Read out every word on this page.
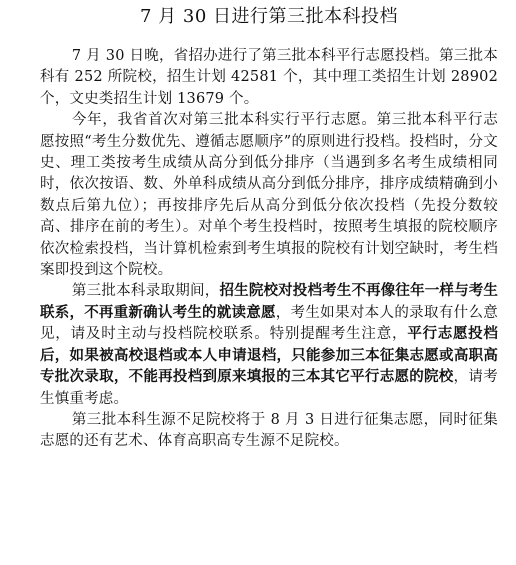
7 月 30 日进行第三批本科投档

7 月 30 日晚，省招办进行了第三批本科平行志愿投档。第三批本科有 252 所院校，招生计划 42581 个，其中理工类招生计划 28902 个，文史类招生计划 13679 个。

今年，我省首次对第三批本科实行平行志愿。第三批本科平行志愿按照“考生分数优先、遵循志愿顺序”的原则进行投档。投档时，分文史、理工类按考生成绩从高分到低分排序（当遇到多名考生成绩相同时，依次按语、数、外单科成绩从高分到低分排序，排序成绩精确到小数点后第九位）；再按排序先后从高分到低分依次投档（先投分数较高、排序在前的考生）。对单个考生投档时，按照考生填报的院校顺序依次检索投档，当计算机检索到考生填报的院校有计划空缺时，考生档案即投到这个院校。

第三批本科录取期间，招生院校对投档考生不再像往年一样与考生联系，不再重新确认考生的就读意愿，考生如果对本人的录取有什么意见，请及时主动与投档院校联系。特别提醒考生注意，平行志愿投档后，如果被高校退档或本人申请退档，只能参加三本征集志愿或高职高专批次录取，不能再投档到原来填报的三本其它平行志愿的院校，请考生慎重考虑。

第三批本科生源不足院校将于 8 月 3 日进行征集志愿，同时征集志愿的还有艺术、体育高职高专生源不足院校。
